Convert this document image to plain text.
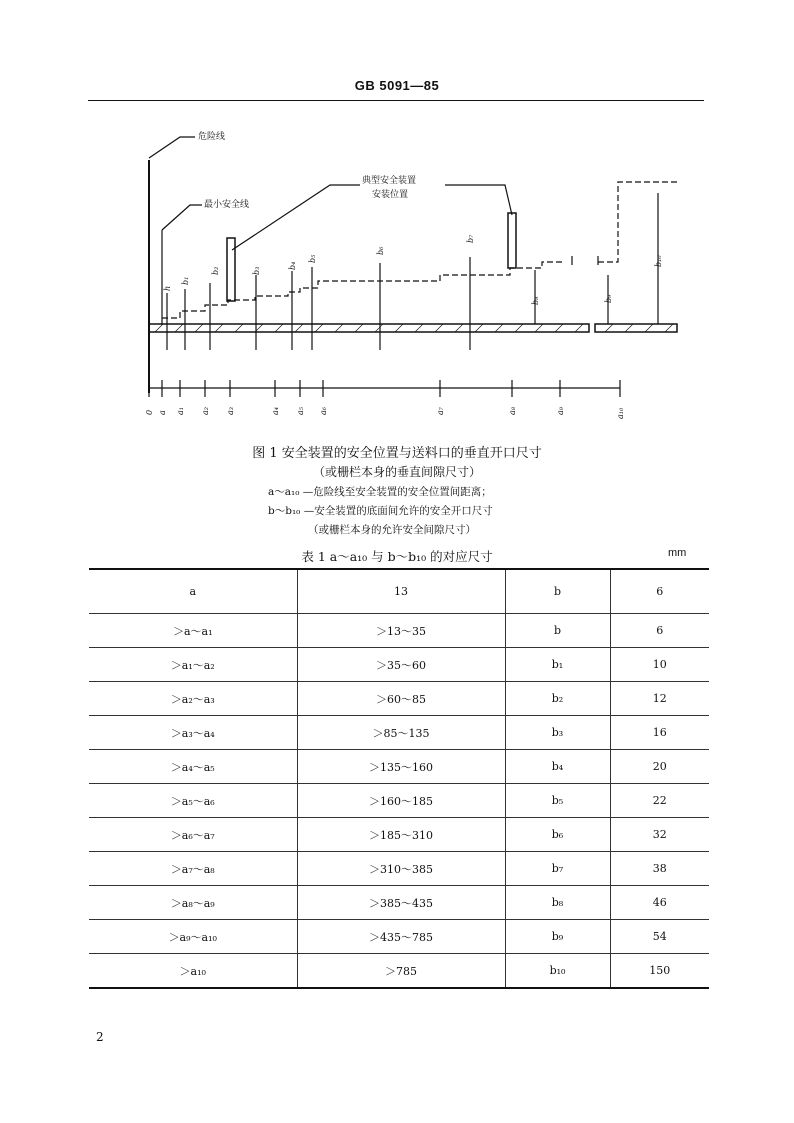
GB 5091—85
危险线
最小安全线
典型安全装置
安装位置
h
b₁
b₂	b₃
b₄
b₅
b₆
b₇
b₈	b₉
b₁₀
0 a a₁ a₂ a₃	a₄ a₅ a₆	a₇	a₈	a₉	a₁₀
图 1 安全装置的安全位置与送料口的垂直开口尺寸
（或栅栏本身的垂直间隙尺寸）
a～a₁₀ —危险线至安全装置的安全位置间距离；
b～b₁₀ —安全装置的底面间允许的安全开口尺寸
（或栅栏本身的允许安全间隙尺寸）
表 1 a～a₁₀ 与 b～b₁₀ 的对应尺寸	mm
a	13	b	6
＞a～a₁	＞13～35	b	6
＞a₁～a₂	＞35～60	b₁	10
＞a₂～a₃	＞60～85	b₂	12
＞a₃～a₄	＞85～135	b₃	16
＞a₄～a₅	＞135～160	b₄	20
＞a₅～a₆	＞160～185	b₅	22
＞a₆～a₇	＞185～310	b₆	32
＞a₇～a₈	＞310～385	b₇	38
＞a₈～a₉	＞385～435	b₈	46
＞a₉～a₁₀	＞435～785	b₉	54
＞a₁₀	＞785	b₁₀	150
2
